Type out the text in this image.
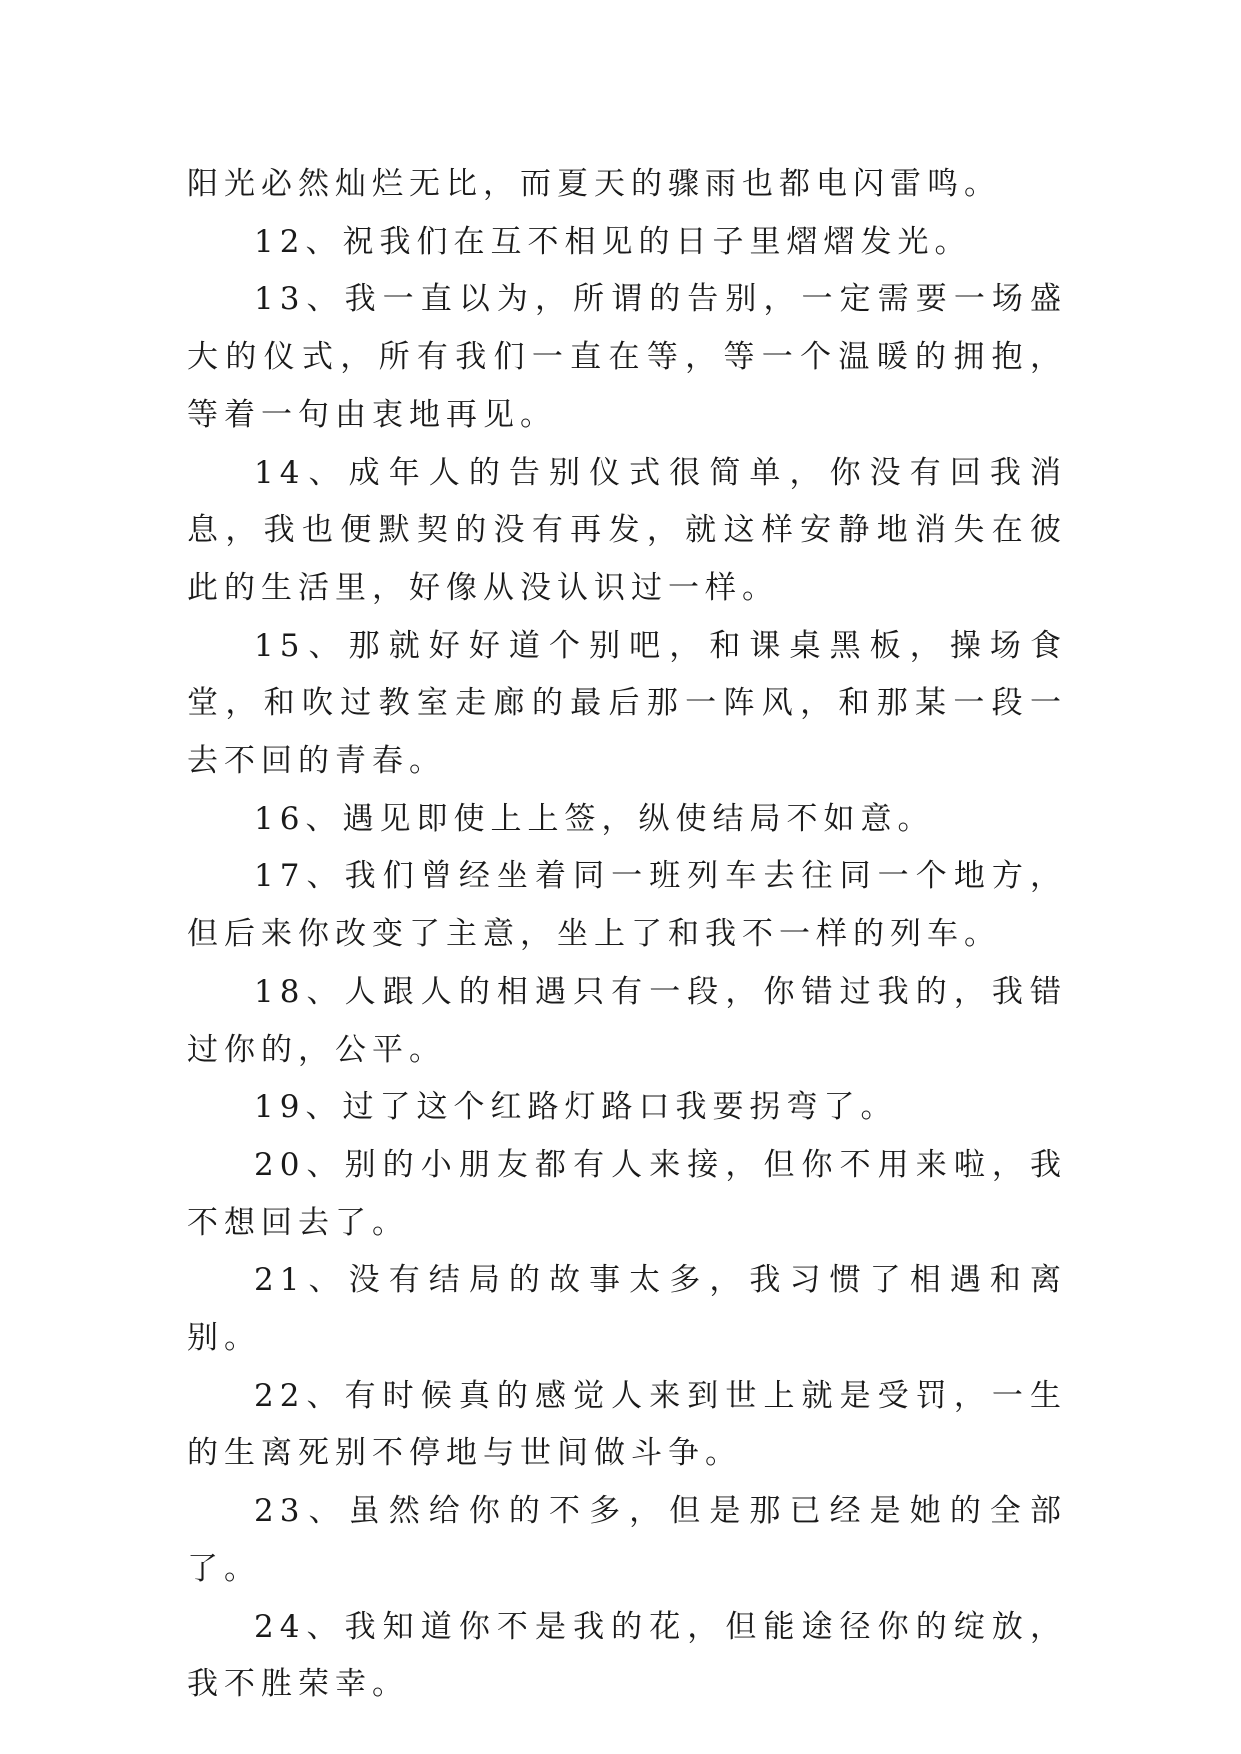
阳光必然灿烂无比，而夏天的骤雨也都电闪雷鸣。

12、祝我们在互不相见的日子里熠熠发光。

13、我一直以为，所谓的告别，一定需要一场盛大的仪式，所有我们一直在等，等一个温暖的拥抱，等着一句由衷地再见。

14、成年人的告别仪式很简单，你没有回我消息，我也便默契的没有再发，就这样安静地消失在彼此的生活里，好像从没认识过一样。

15、那就好好道个别吧，和课桌黑板，操场食堂，和吹过教室走廊的最后那一阵风，和那某一段一去不回的青春。

16、遇见即使上上签，纵使结局不如意。

17、我们曾经坐着同一班列车去往同一个地方，但后来你改变了主意，坐上了和我不一样的列车。

18、人跟人的相遇只有一段，你错过我的，我错过你的，公平。

19、过了这个红路灯路口我要拐弯了。

20、别的小朋友都有人来接，但你不用来啦，我不想回去了。

21、没有结局的故事太多，我习惯了相遇和离别。

22、有时候真的感觉人来到世上就是受罚，一生的生离死别不停地与世间做斗争。

23、虽然给你的不多，但是那已经是她的全部了。

24、我知道你不是我的花，但能途径你的绽放，我不胜荣幸。
